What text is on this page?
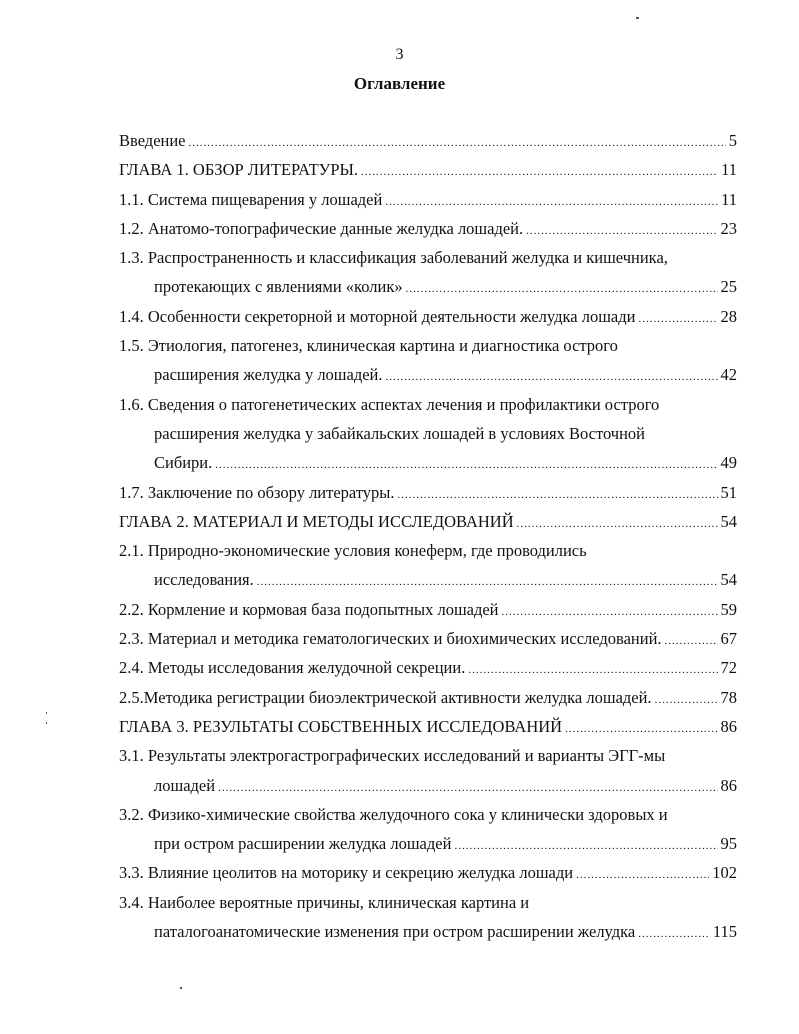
3
Оглавление
Введение .....	5
ГЛАВА 1. ОБЗОР ЛИТЕРАТУРЫ. .....	11
1.1. Система пищеварения у лошадей .....	11
1.2. Анатомо-топографические данные желудка лошадей. .....	23
1.3. Распространенность и классификация заболеваний желудка и кишечника,
протекающих с явлениями «колик» .....	25
1.4. Особенности секреторной и моторной деятельности желудка лошади .....	28
1.5. Этиология, патогенез, клиническая картина и диагностика острого
расширения желудка у лошадей. .....	42
1.6. Сведения о патогенетических аспектах лечения и профилактики острого
расширения желудка у забайкальских лошадей в условиях Восточной
Сибири. .....	49
1.7. Заключение по обзору литературы. .....	51
ГЛАВА 2. МАТЕРИАЛ И МЕТОДЫ ИССЛЕДОВАНИЙ .....	54
2.1. Природно-экономические условия конеферм, где проводились
исследования. .....	54
2.2. Кормление и кормовая база подопытных лошадей .....	59
2.3. Материал и методика гематологических и биохимических исследований. .....	67
2.4. Методы исследования желудочной секреции. .....	72
2.5.Методика регистрации биоэлектрической активности желудка лошадей. .....	78
ГЛАВА 3. РЕЗУЛЬТАТЫ СОБСТВЕННЫХ ИССЛЕДОВАНИЙ .....	86
3.1. Результаты электрогастрографических исследований и варианты ЭГГ-мы
лошадей .....	86
3.2. Физико-химические свойства желудочного сока у клинически здоровых и
при остром расширении желудка лошадей .....	95
3.3. Влияние цеолитов на моторику и секрецию желудка лошади .....	102
3.4. Наиболее вероятные причины, клиническая картина и
паталогоанатомические изменения при остром расширении желудка .....	115
